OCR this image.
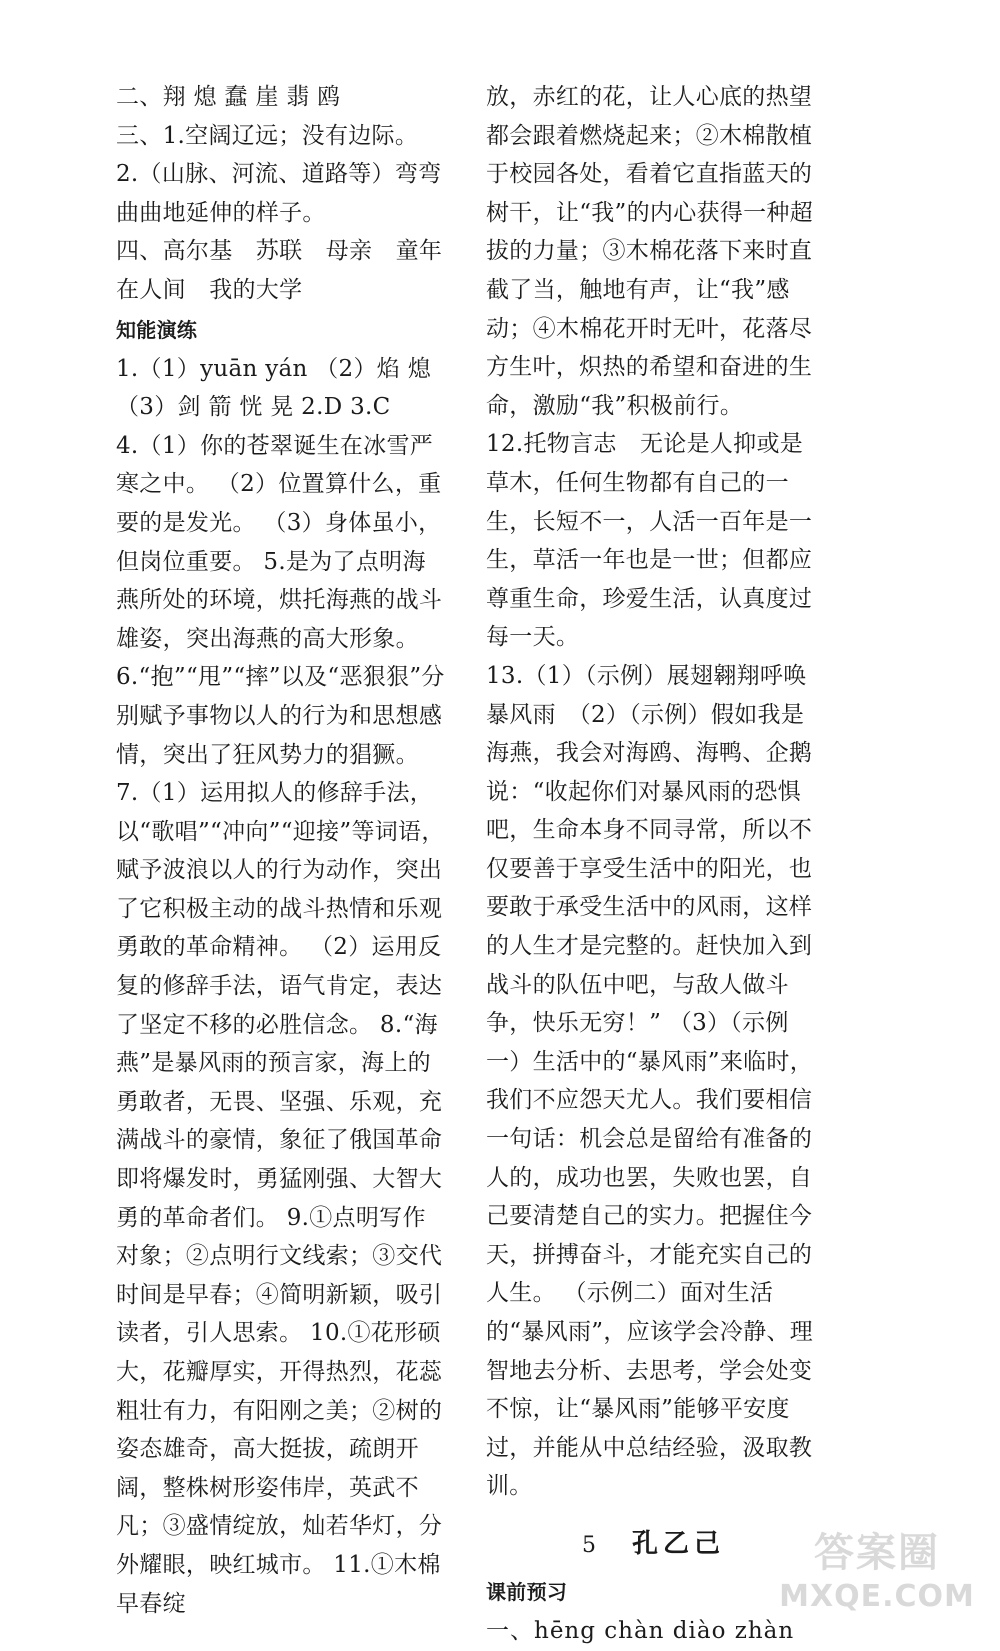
二、翔 熄 蠢 崖 翡 鸥

三、1.空阔辽远；没有边际。

2.（山脉、河流、道路等）弯弯曲曲地延伸的样子。

四、高尔基　苏联　母亲　童年　在人间　我的大学

知能演练

1.（1）yuān yán （2）焰 熄 （3）剑 箭 恍 晃 2.D 3.C

4.（1）你的苍翠诞生在冰雪严寒之中。 （2）位置算什么，重要的是发光。 （3）身体虽小，但岗位重要。 5.是为了点明海燕所处的环境，烘托海燕的战斗雄姿，突出海燕的高大形象。 6.“抱”“甩”“摔”以及“恶狠狠”分别赋予事物以人的行为和思想感情，突出了狂风势力的猖獗。 7.（1）运用拟人的修辞手法，以“歌唱”“冲向”“迎接”等词语，赋予波浪以人的行为动作，突出了它积极主动的战斗热情和乐观勇敢的革命精神。 （2）运用反复的修辞手法，语气肯定，表达了坚定不移的必胜信念。 8.“海燕”是暴风雨的预言家，海上的勇敢者，无畏、坚强、乐观，充满战斗的豪情，象征了俄国革命即将爆发时，勇猛刚强、大智大勇的革命者们。 9.①点明写作对象；②点明行文线索；③交代时间是早春；④简明新颖，吸引读者，引人思索。 10.①花形硕大，花瓣厚实，开得热烈，花蕊粗壮有力，有阳刚之美；②树的姿态雄奇，高大挺拔，疏朗开阔，整株树形姿伟岸，英武不凡；③盛情绽放，灿若华灯，分外耀眼，映红城市。 11.①木棉早春绽

放，赤红的花，让人心底的热望都会跟着燃烧起来；②木棉散植于校园各处，看着它直指蓝天的树干，让“我”的内心获得一种超拔的力量；③木棉花落下来时直截了当，触地有声，让“我”感动；④木棉花开时无叶，花落尽方生叶，炽热的希望和奋进的生命，激励“我”积极前行。

12.托物言志　无论是人抑或是草木，任何生物都有自己的一生，长短不一，人活一百年是一生，草活一年也是一世；但都应尊重生命，珍爱生活，认真度过每一天。

13.（1）（示例）展翅翱翔呼唤暴风雨　（2）（示例）假如我是海燕，我会对海鸥、海鸭、企鹅说：“收起你们对暴风雨的恐惧吧，生命本身不同寻常，所以不仅要善于享受生活中的阳光，也要敢于承受生活中的风雨，这样的人生才是完整的。赶快加入到战斗的队伍中吧，与敌人做斗争，快乐无穷！” （3）（示例一）生活中的“暴风雨”来临时，我们不应怨天尤人。我们要相信一句话：机会总是留给有准备的人的，成功也罢，失败也罢，自己要清楚自己的实力。把握住今天，拼搏奋斗，才能充实自己的人生。 （示例二）面对生活的“暴风雨”，应该学会冷静、理智地去分析、去思考，学会处变不惊，让“暴风雨”能够平安度过，并能从中总结经验，汲取教训。

5 孔乙己
课前预习

一、hēng chàn diào zhàn

答案圈
MXQE.COM
